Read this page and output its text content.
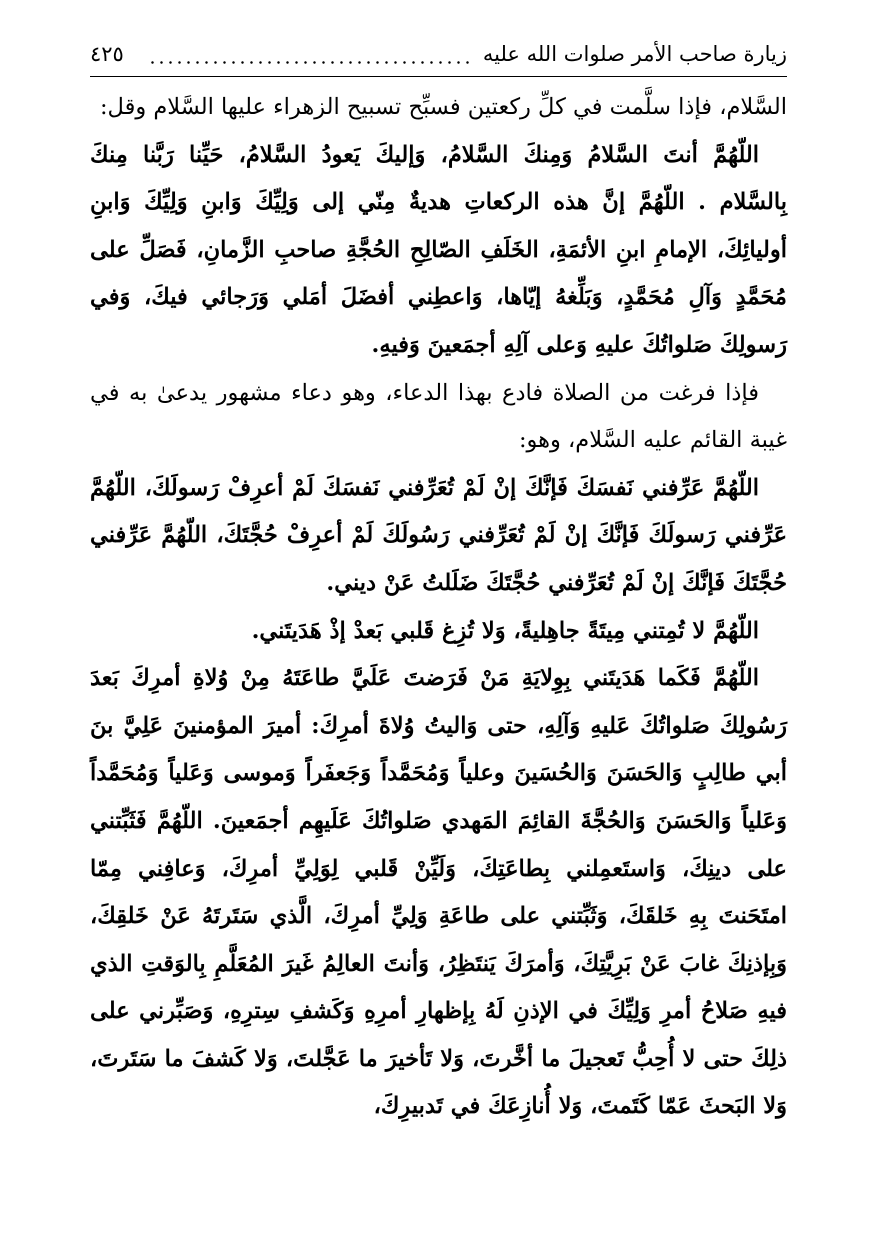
زيارة صاحب الأمر صلوات الله عليه
٤٢٥

السَّلام، فإذا سلَّمت في كلِّ ركعتين فسبِّح تسبيح الزهراء عليها السَّلام وقل:

اللّهُمَّ أنتَ السَّلامُ وَمِنكَ السَّلامُ، وَإليكَ يَعودُ السَّلامُ، حَيِّنا رَبَّنا مِنكَ بِالسَّلام . اللّهُمَّ إنَّ هذه الركعاتِ هديةٌ مِنّي إلى وَلِيِّكَ وَابنِ وَلِيِّكَ وَابنِ أوليائِكَ، الإمامِ ابنِ الأئمَةِ، الخَلَفِ الصّالِحِ الحُجَّةِ صاحبِ الزَّمانِ، فَصَلِّ على مُحَمَّدٍ وَآلِ مُحَمَّدٍ، وَبَلِّغهُ إيّاها، وَاعطِني أفضَلَ أمَلي وَرَجائي فيكَ، وَفي رَسولِكَ صَلواتُكَ عليهِ وَعلى آلِهِ أجمَعينَ وَفيهِ.

فإذا فرغت من الصلاة فادع بهذا الدعاء، وهو دعاء مشهور يدعىٰ به في غيبة القائم عليه السَّلام، وهو:

اللّهُمَّ عَرِّفني نَفسَكَ فَإنَّكَ إنْ لَمْ تُعَرِّفني نَفسَكَ لَمْ أعرِفْ رَسولَكَ، اللّهُمَّ عَرِّفني رَسولَكَ فَإنَّكَ إنْ لَمْ تُعَرِّفني رَسُولَكَ لَمْ أعرِفْ حُجَّتَكَ، اللّهُمَّ عَرِّفني حُجَّتَكَ فَإنَّكَ إنْ لَمْ تُعَرِّفني حُجَّتَكَ ضَلَلتُ عَنْ ديني.

اللّهُمَّ لا تُمِتني مِيتَةً جاهِليةً، وَلا تُزِغ قَلبي بَعدْ إذْ هَدَيتَني.

اللّهُمَّ فَكَما هَدَيتَني بِوِلايَةِ مَنْ فَرَضتَ عَلَيَّ طاعَتَهُ مِنْ وُلاةِ أمرِكَ بَعدَ رَسُولِكَ صَلواتُكَ عَليهِ وَآلِهِ، حتى وَاليتُ وُلاةَ أمرِكَ: أميرَ المؤمنينَ عَلِيَّ بنَ أبي طالِبٍ وَالحَسَنَ وَالحُسَينَ وعلياً وَمُحَمَّداً وَجَعفَراً وَموسى وَعَلياً وَمُحَمَّداً وَعَلياً وَالحَسَنَ وَالحُجَّةَ القائِمَ المَهدي صَلواتُكَ عَلَيهِم أجمَعينَ. اللّهُمَّ فَثَبِّتني على دينِكَ، وَاستَعمِلني بِطاعَتِكَ، وَلَيِّنْ قَلبي لِوَلِيِّ أمرِكَ، وَعافِني مِمّا امتَحَنتَ بِهِ خَلقَكَ، وَثَبِّتني على طاعَةِ وَلِيِّ أمرِكَ، الَّذي سَتَرتَهُ عَنْ خَلقِكَ، وَبِإذنِكَ غابَ عَنْ بَرِيَّتِكَ، وَأمرَكَ يَنتَظِرُ، وَأنتَ العالِمُ غَيرَ المُعَلَّمِ بِالوَقتِ الذي فيهِ صَلاحُ أمرِ وَلِيِّكَ في الإذنِ لَهُ بِإظهارِ أمرِهِ وَكَشفِ سِترِهِ، وَصَبِّرني على ذلِكَ حتى لا أُحِبُّ تَعجيلَ ما أخَّرتَ، وَلا تَأخيرَ ما عَجَّلتَ، وَلا كَشفَ ما سَتَرتَ، وَلا البَحثَ عَمّا كَتَمتَ، وَلا أُنازِعَكَ في تَدبيرِكَ،
